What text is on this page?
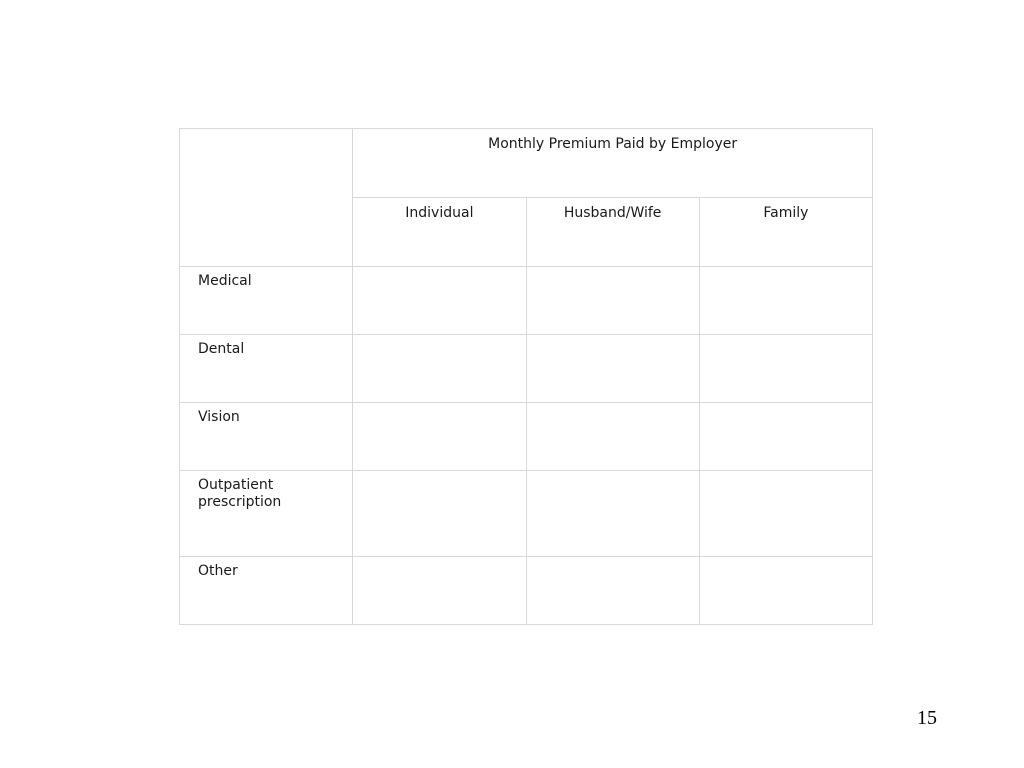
	Monthly Premium Paid by Employer		

	Individual	Husband/Wife	Family

Medical			

Dental			

Vision			

Outpatient prescription			

Other			

15
